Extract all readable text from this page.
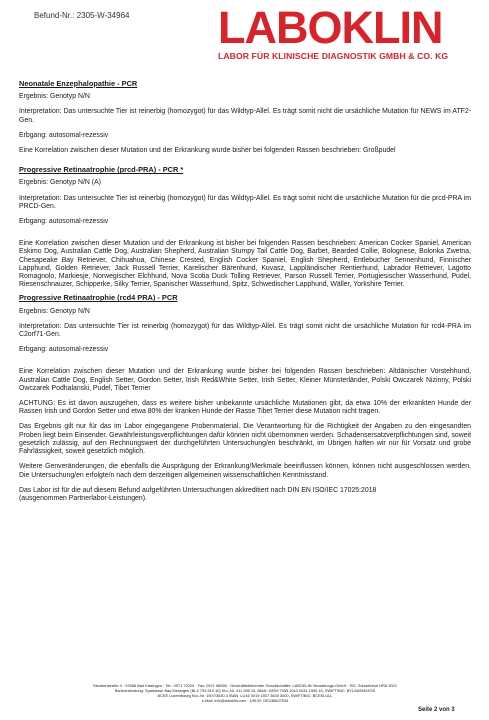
Befund-Nr.: 2305-W-34964 LABOKLIN
LABOR FÜR KLINISCHE DIAGNOSTIK GMBH & CO. KG

Neonatale Enzephalopathie - PCR

Ergebnis: Genotyp N/N

Interpretation: Das untersuchte Tier ist reinerbig (homozygot) für das Wildtyp-Allel. Es trägt somit nicht die ursächliche Mutation für NEWS im ATF2-Gen.

Erbgang: autosomal-rezessiv

Eine Korrelation zwischen dieser Mutation und der Erkrankung wurde bisher bei folgenden Rassen beschrieben: Großpudel

Progressive Retinaatrophie (prcd-PRA) - PCR *

Ergebnis: Genotyp N/N (A)

Interpretation: Das untersuchte Tier ist reinerbig (homozygot) für das Wildtyp-Allel. Es trägt somit nicht die ursächliche Mutation für die prcd-PRA im PRCD-Gen.

Erbgang: autosomal-rezessiv

Eine Korrelation zwischen dieser Mutation und der Erkrankung ist bisher bei folgenden Rassen beschrieben: American Cocker Spaniel, American Eskimo Dog, Australian Cattle Dog, Australian Shepherd, Australian Stumpy Tail Cattle Dog, Barbet, Bearded Collie, Bolognese, Bolonka Zwetna, Chesapeake Bay Retriever, Chihuahua, Chinese Crested, English Cocker Spaniel, English Shepherd, Entlebucher Sennenhund, Finnischer Lapphund, Golden Retriever, Jack Russell Terrier, Karelischer Bärenhund, Kuvasz, Lappländischer Rentierhund, Labrador Retriever, Lagotto Romagnolo, Markiesje, Norwegischer Elchhund, Nova Scotia Duck Tolling Retriever, Parson Russell Terrier, Portugiesischer Wasserhund, Pudel, Riesenschnauzer, Schipperke, Silky Terrier, Spanischer Wasserhund, Spitz, Schwedischer Lapphund, Wäller, Yorkshire Terrier.

Progressive Retinaatrophie (rcd4 PRA) - PCR

Ergebnis: Genotyp N/N

Interpretation: Das untersuchte Tier ist reinerbig (homozygot) für das Wildtyp-Allel. Es trägt somit nicht die ursächliche Mutation für rcd4-PRA im C2orf71-Gen.

Erbgang: autosomal-rezessiv

Eine Korrelation zwischen dieser Mutation und der Erkrankung wurde bisher bei folgenden Rassen beschrieben: Altdänischer Vorstehhund, Australian Cattle Dog, English Setter, Gordon Setter, Irish Red&White Setter, Irish Setter, Kleiner Münsterländer, Polski Owczarek Nizinny, Polski Owczarek Podhalanski, Pudel, Tibet Terrier

ACHTUNG: Es ist davon auszugehen, dass es weitere bisher unbekannte ursächliche Mutationen gibt, da etwa 10% der erkrankten Hunde der Rassen Irish und Gordon Setter und etwa 80% der kranken Hunde der Rasse Tibet Terrier diese Mutation nicht tragen.

Das Ergebnis gilt nur für das im Labor eingegangene Probenmaterial. Die Verantwortung für die Richtigkeit der Angaben zu den eingesandten Proben liegt beim Einsender. Gewährleistungsverpflichtungen dafür können nicht übernommen werden. Schadensersatzverpflichtungen sind, soweit gesetzlich zulässig, auf den Rechnungswert der durchgeführten Untersuchung/en beschränkt, im Übrigen haften wir nur für Vorsatz und grobe Fahrlässigkeit, soweit gesetzlich möglich.

Weitere Genveränderungen, die ebenfalls die Ausprägung der Erkrankung/Merkmale beeinflussen können, können nicht ausgeschlossen werden. Die Untersuchung/en erfolgte/n nach dem derzeitigen allgemeinen wissenschaftlichen Kenntnisstand.

Das Labor ist für die auf diesem Befund aufgeführten Untersuchungen akkreditiert nach DIN EN ISO/IEC 17025:2018

(ausgenommen Partnerlabor-Leistungen).

Steubenstraße 4 · 97688 Bad Kissingen · Tel.: 0971 72020 · Fax: 0971 68546 · Geschäftsführender Gesellschafter: LABOKLIN Verwaltungs-GmbH · RG. Schweinfurt HRA 3021
Bankverbindung: Sparkasse Bad Kissingen (BLZ 793 510 10) Kto.-Nr. 311 595 15, IBAN: DE09 7935 1010 0031 1595 15, SWIFT/BIC: BYLADEM1KSS
BCEE Luxembourg Kto.-Nr. 1507/3630-3 IBAN: LU16 0019 1507 3630 3000, SWIFT/BIC: BCEELULL
e-Mail: info@laboklin.com · USt.ID: DE238507534
Seite 2 von 3
